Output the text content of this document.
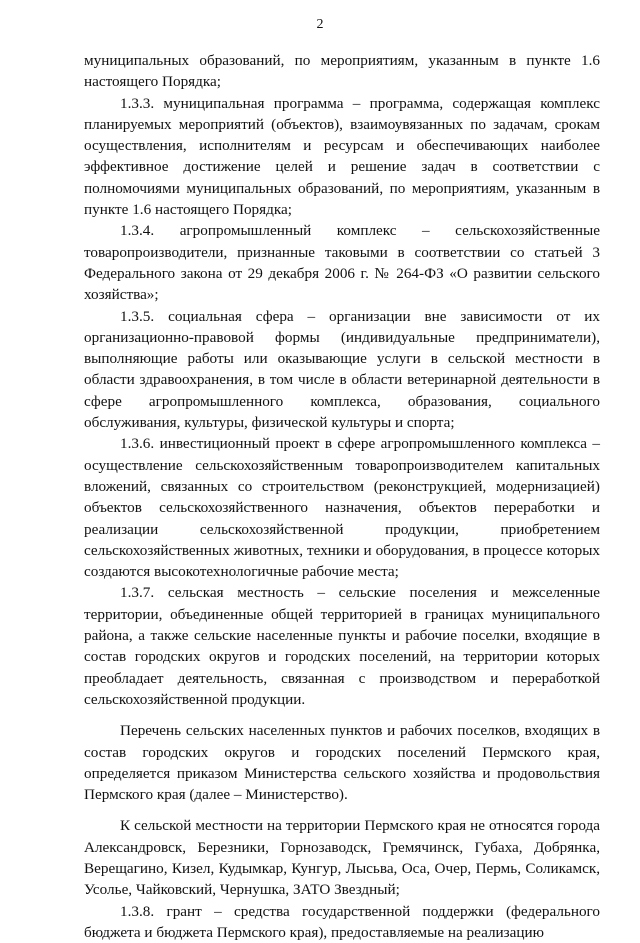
2

муниципальных образований, по мероприятиям, указанным в пункте 1.6 настоящего Порядка;

1.3.3. муниципальная программа – программа, содержащая комплекс планируемых мероприятий (объектов), взаимоувязанных по задачам, срокам осуществления, исполнителям и ресурсам и обеспечивающих наиболее эффективное достижение целей и решение задач в соответствии с полномочиями муниципальных образований, по мероприятиям, указанным в пункте 1.6 настоящего Порядка;

1.3.4. агропромышленный комплекс – сельскохозяйственные товаропроизводители, признанные таковыми в соответствии со статьей 3 Федерального закона от 29 декабря 2006 г. № 264-ФЗ «О развитии сельского хозяйства»;

1.3.5. социальная сфера – организации вне зависимости от их организационно-правовой формы (индивидуальные предприниматели), выполняющие работы или оказывающие услуги в сельской местности в области здравоохранения, в том числе в области ветеринарной деятельности в сфере агропромышленного комплекса, образования, социального обслуживания, культуры, физической культуры и спорта;

1.3.6. инвестиционный проект в сфере агропромышленного комплекса – осуществление сельскохозяйственным товаропроизводителем капитальных вложений, связанных со строительством (реконструкцией, модернизацией) объектов сельскохозяйственного назначения, объектов переработки и реализации сельскохозяйственной продукции, приобретением сельскохозяйственных животных, техники и оборудования, в процессе которых создаются высокотехнологичные рабочие места;

1.3.7. сельская местность – сельские поселения и межселенные территории, объединенные общей территорией в границах муниципального района, а также сельские населенные пункты и рабочие поселки, входящие в состав городских округов и городских поселений, на территории которых преобладает деятельность, связанная с производством и переработкой сельскохозяйственной продукции.

Перечень сельских населенных пунктов и рабочих поселков, входящих в состав городских округов и городских поселений Пермского края, определяется приказом Министерства сельского хозяйства и продовольствия Пермского края (далее – Министерство).

К сельской местности на территории Пермского края не относятся города Александровск, Березники, Горнозаводск, Гремячинск, Губаха, Добрянка, Верещагино, Кизел, Кудымкар, Кунгур, Лысьва, Оса, Очер, Пермь, Соликамск, Усолье, Чайковский, Чернушка, ЗАТО Звездный;

1.3.8. грант – средства государственной поддержки (федерального бюджета и бюджета Пермского края), предоставляемые на реализацию
